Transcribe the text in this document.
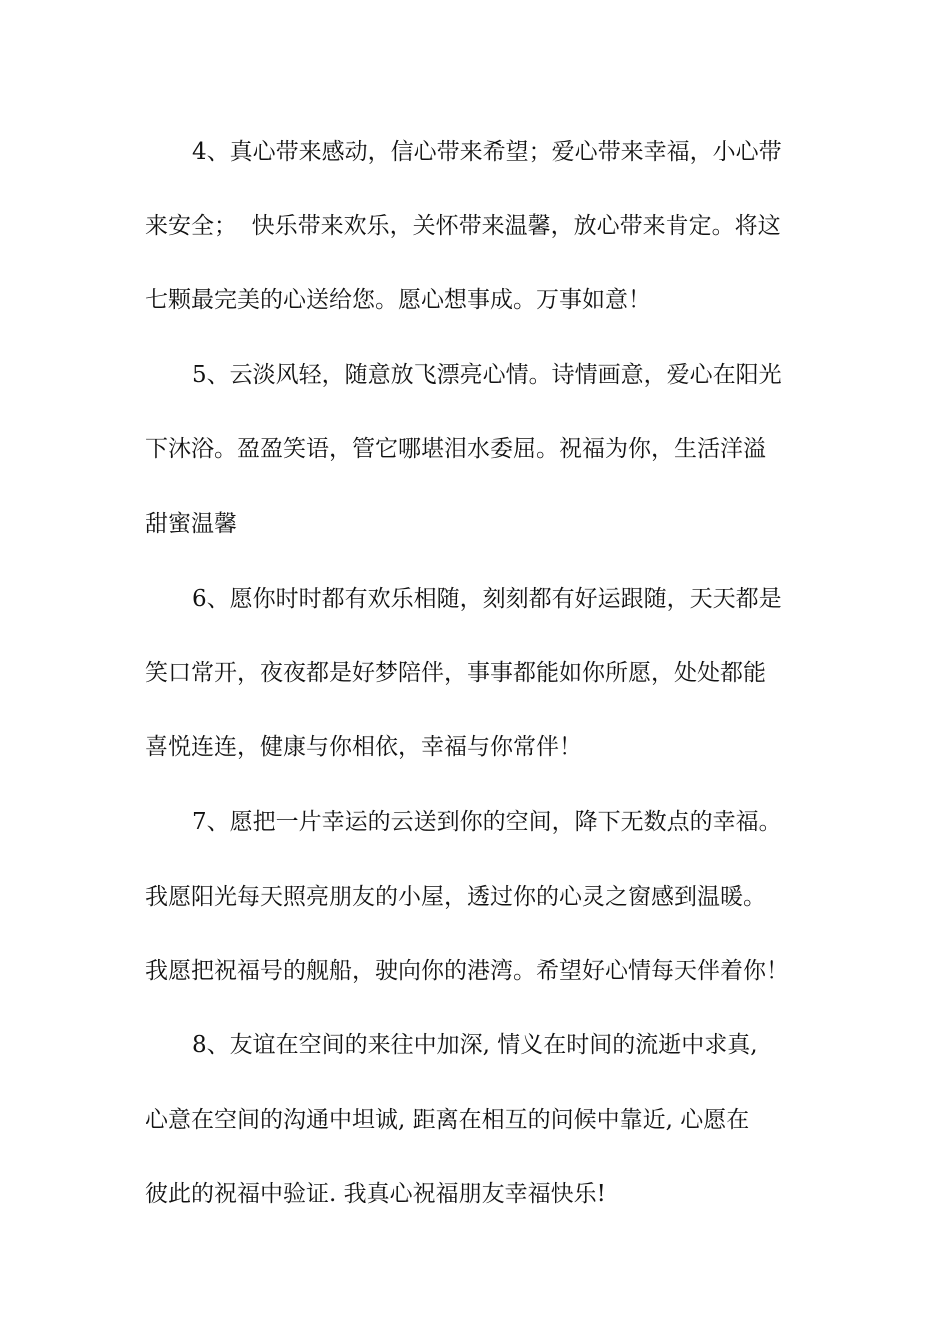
4、真心带来感动，信心带来希望；爱心带来幸福，小心带
来安全；  快乐带来欢乐，关怀带来温馨，放心带来肯定。将这
七颗最完美的心送给您。愿心想事成。万事如意！
5、云淡风轻，随意放飞漂亮心情。诗情画意，爱心在阳光
下沐浴。盈盈笑语，管它哪堪泪水委屈。祝福为你，生活洋溢
甜蜜温馨
6、愿你时时都有欢乐相随，刻刻都有好运跟随，天天都是
笑口常开，夜夜都是好梦陪伴，事事都能如你所愿，处处都能
喜悦连连，健康与你相依，幸福与你常伴！
7、愿把一片幸运的云送到你的空间，降下无数点的幸福。
我愿阳光每天照亮朋友的小屋，透过你的心灵之窗感到温暖。
我愿把祝福号的舰船，驶向你的港湾。希望好心情每天伴着你！
8、友谊在空间的来往中加深, 情义在时间的流逝中求真,
心意在空间的沟通中坦诚, 距离在相互的问候中靠近, 心愿在
彼此的祝福中验证. 我真心祝福朋友幸福快乐!
